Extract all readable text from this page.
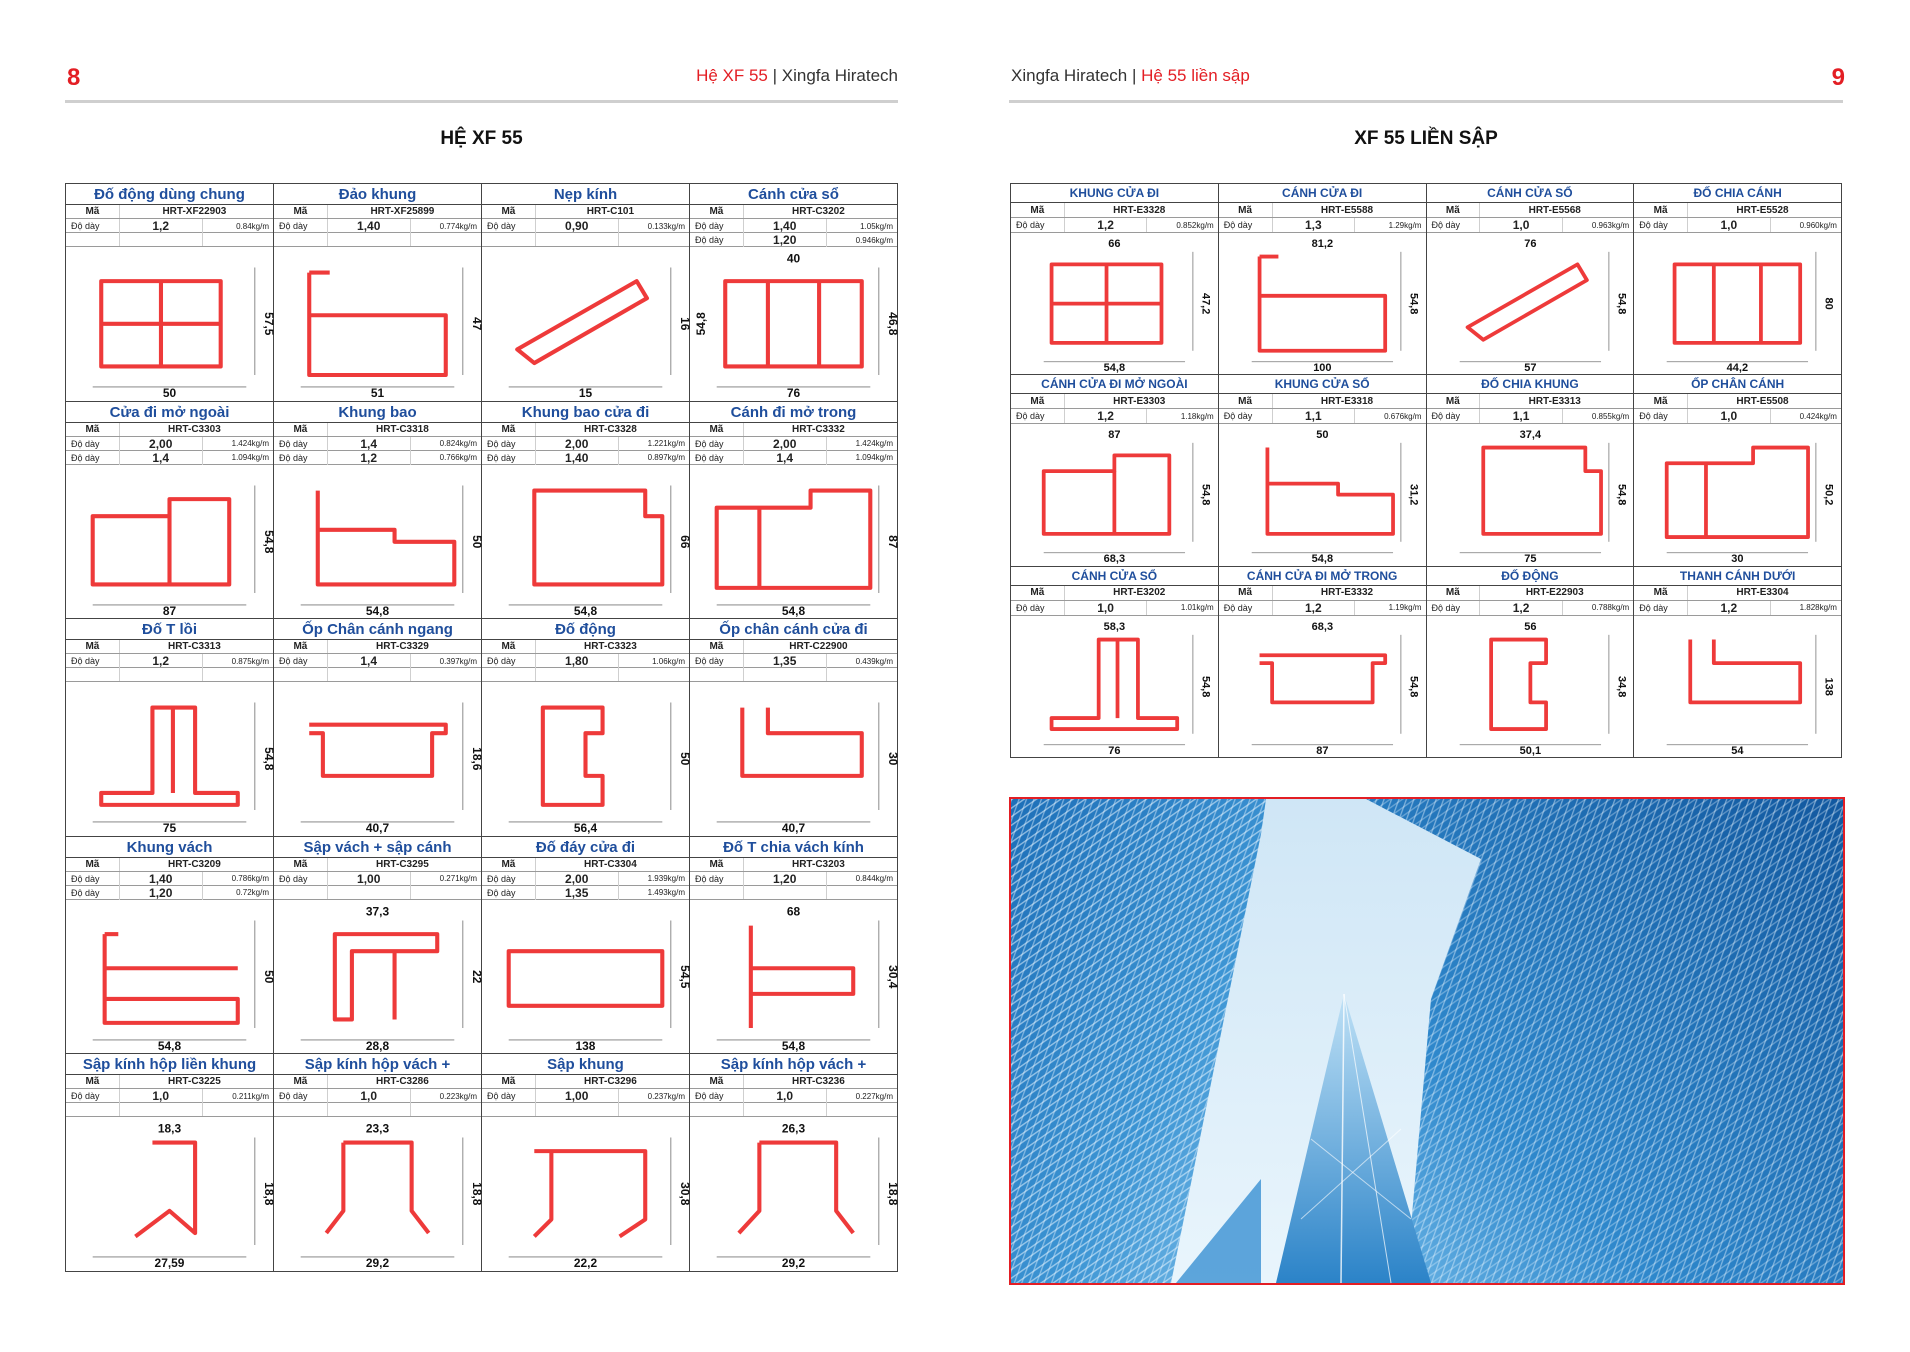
8	Hệ XF 55 | Xingfa Hiratech
HỆ XF 55
Đố động dùng chung
Mã	HRT-XF22903
Độ dày	1,2	0.84kg/m
57,5
50
Đảo khung
Mã	HRT-XF25899
Độ dày	1,40	0.774kg/m
47
51
Nẹp kính
Mã	HRT-C101
Độ dày	0,90	0.133kg/m
16
15
Cánh cửa sổ
Mã	HRT-C3202
Độ dày	1,40	1.05kg/m
Độ dày	1,20	0.946kg/m
40
54,8	46,8
76
Cửa đi mở ngoài
Mã	HRT-C3303
Độ dày	2,00	1.424kg/m
Độ dày	1,4	1.094kg/m
54,8
87
Khung bao
Mã	HRT-C3318
Độ dày	1,4	0.824kg/m
Độ dày	1,2	0.766kg/m
50
54,8
Khung bao cửa đi
Mã	HRT-C3328
Độ dày	2,00	1.221kg/m
Độ dày	1,40	0.897kg/m
66
54,8
Cánh đi mở trong
Mã	HRT-C3332
Độ dày	2,00	1.424kg/m
Độ dày	1,4	1.094kg/m
87
54,8
Đố T lồi
Mã	HRT-C3313
Độ dày	1,2	0.875kg/m
54,8
75
Ốp Chân cánh ngang
Mã	HRT-C3329
Độ dày	1,4	0.397kg/m
18,6
40,7
Đố động
Mã	HRT-C3323
Độ dày	1,80	1.06kg/m
50
56,4
Ốp chân cánh cửa đi
Mã	HRT-C22900
Độ dày	1,35	0.439kg/m
30
40,7
Khung vách
Mã	HRT-C3209
Độ dày	1,40	0.786kg/m
Độ dày	1,20	0.72kg/m
50
54,8
Sập vách + sập cánh
Mã	HRT-C3295
Độ dày	1,00	0.271kg/m
37,3
22
28,8
Đố đáy cửa đi
Mã	HRT-C3304
Độ dày	2,00	1.939kg/m
Độ dày	1,35	1.493kg/m
54,5
138
Đố T chia vách kính
Mã	HRT-C3203
Độ dày	1,20	0.844kg/m
68
30,4
54,8
Sập kính hộp liền khung
Mã	HRT-C3225
Độ dày	1,0	0.211kg/m
18,3
18,8
27,59
Sập kính hộp vách +
Mã	HRT-C3286
Độ dày	1,0	0.223kg/m
23,3
18,8
29,2
Sập khung
Mã	HRT-C3296
Độ dày	1,00	0.237kg/m
30,8
22,2
Sập kính hộp vách +
Mã	HRT-C3236
Độ dày	1,0	0.227kg/m
26,3
18,8
29,2
Xingfa Hiratech | Hệ 55 liền sập	9
XF 55 LIỀN SẬP
KHUNG CỬA ĐI
Mã	HRT-E3328
Độ dày	1,2	0.852kg/m
66
47,2
54,8
CÁNH CỬA ĐI
Mã	HRT-E5588
Độ dày	1,3	1.29kg/m
81,2
54,8
100
CÁNH CỬA SỔ
Mã	HRT-E5568
Độ dày	1,0	0.963kg/m
76
54,8
57
ĐỐ CHIA CÁNH
Mã	HRT-E5528
Độ dày	1,0	0.960kg/m
80
44,2
CÁNH CỬA ĐI MỞ NGOÀI
Mã	HRT-E3303
Độ dày	1,2	1.18kg/m
87
54,8
68,3
KHUNG CỬA SỔ
Mã	HRT-E3318
Độ dày	1,1	0.676kg/m
50
31,2
54,8
ĐỐ CHIA KHUNG
Mã	HRT-E3313
Độ dày	1,1	0.855kg/m
37,4
54,8
75
ỐP CHÂN CÁNH
Mã	HRT-E5508
Độ dày	1,0	0.424kg/m
50,2
30
CÁNH CỬA SỔ
Mã	HRT-E3202
Độ dày	1,0	1.01kg/m
58,3
54,8
76
CÁNH CỬA ĐI MỞ TRONG
Mã	HRT-E3332
Độ dày	1,2	1.19kg/m
68,3
54,8
87
ĐỐ ĐỘNG
Mã	HRT-E22903
Độ dày	1,2	0.788kg/m
56
34,8
50,1
THANH CÁNH DƯỚI
Mã	HRT-E3304
Độ dày	1,2	1.828kg/m
138
54
